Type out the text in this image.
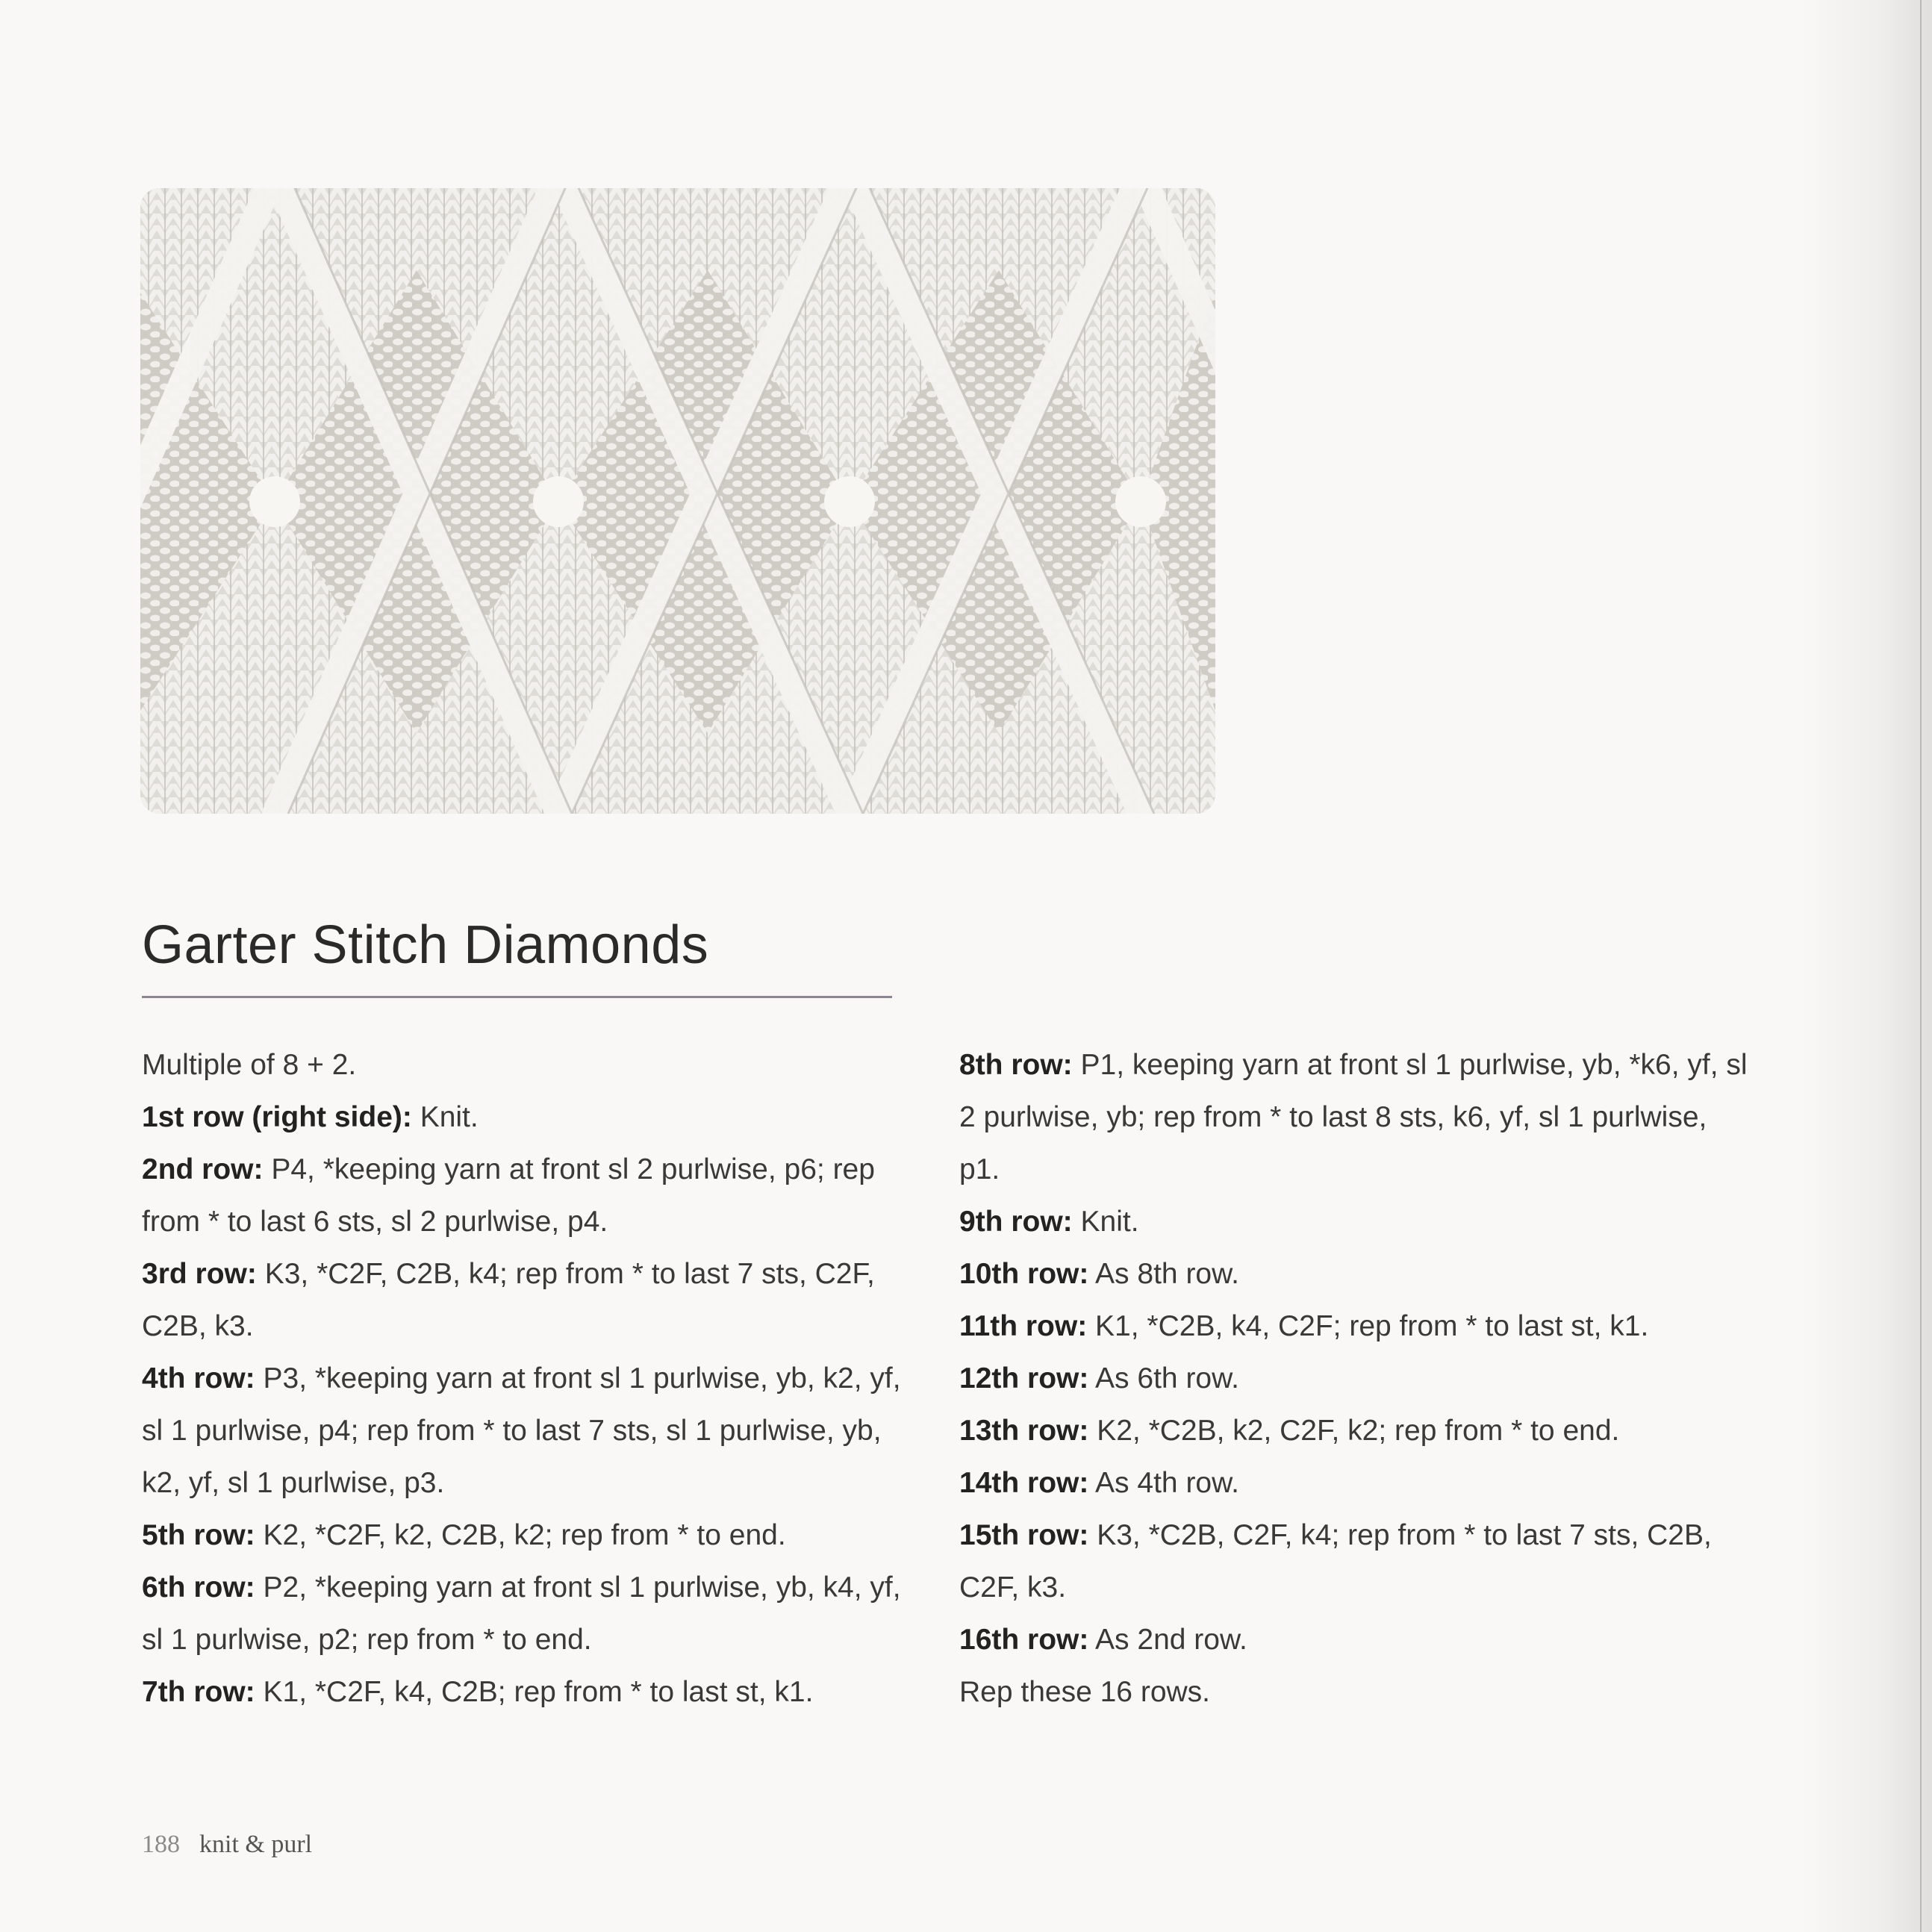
Garter Stitch Diamonds

Multiple of 8 + 2.

1st row (right side): Knit.

2nd row: P4, *keeping yarn at front sl 2 purlwise, p6; rep from * to last 6 sts, sl 2 purlwise, p4.

3rd row: K3, *C2F, C2B, k4; rep from * to last 7 sts, C2F, C2B, k3.

4th row: P3, *keeping yarn at front sl 1 purlwise, yb, k2, yf, sl 1 purlwise, p4; rep from * to last 7 sts, sl 1 purlwise, yb, k2, yf, sl 1 purlwise, p3.

5th row: K2, *C2F, k2, C2B, k2; rep from * to end.

6th row: P2, *keeping yarn at front sl 1 purlwise, yb, k4, yf, sl 1 purlwise, p2; rep from * to end.

7th row: K1, *C2F, k4, C2B; rep from * to last st, k1.

8th row: P1, keeping yarn at front sl 1 purlwise, yb, *k6, yf, sl 2 purlwise, yb; rep from * to last 8 sts, k6, yf, sl 1 purlwise, p1.

9th row: Knit.

10th row: As 8th row.

11th row: K1, *C2B, k4, C2F; rep from * to last st, k1.

12th row: As 6th row.

13th row: K2, *C2B, k2, C2F, k2; rep from * to end.

14th row: As 4th row.

15th row: K3, *C2B, C2F, k4; rep from * to last 7 sts, C2B, C2F, k3.

16th row: As 2nd row.

Rep these 16 rows.

188 knit & purl
